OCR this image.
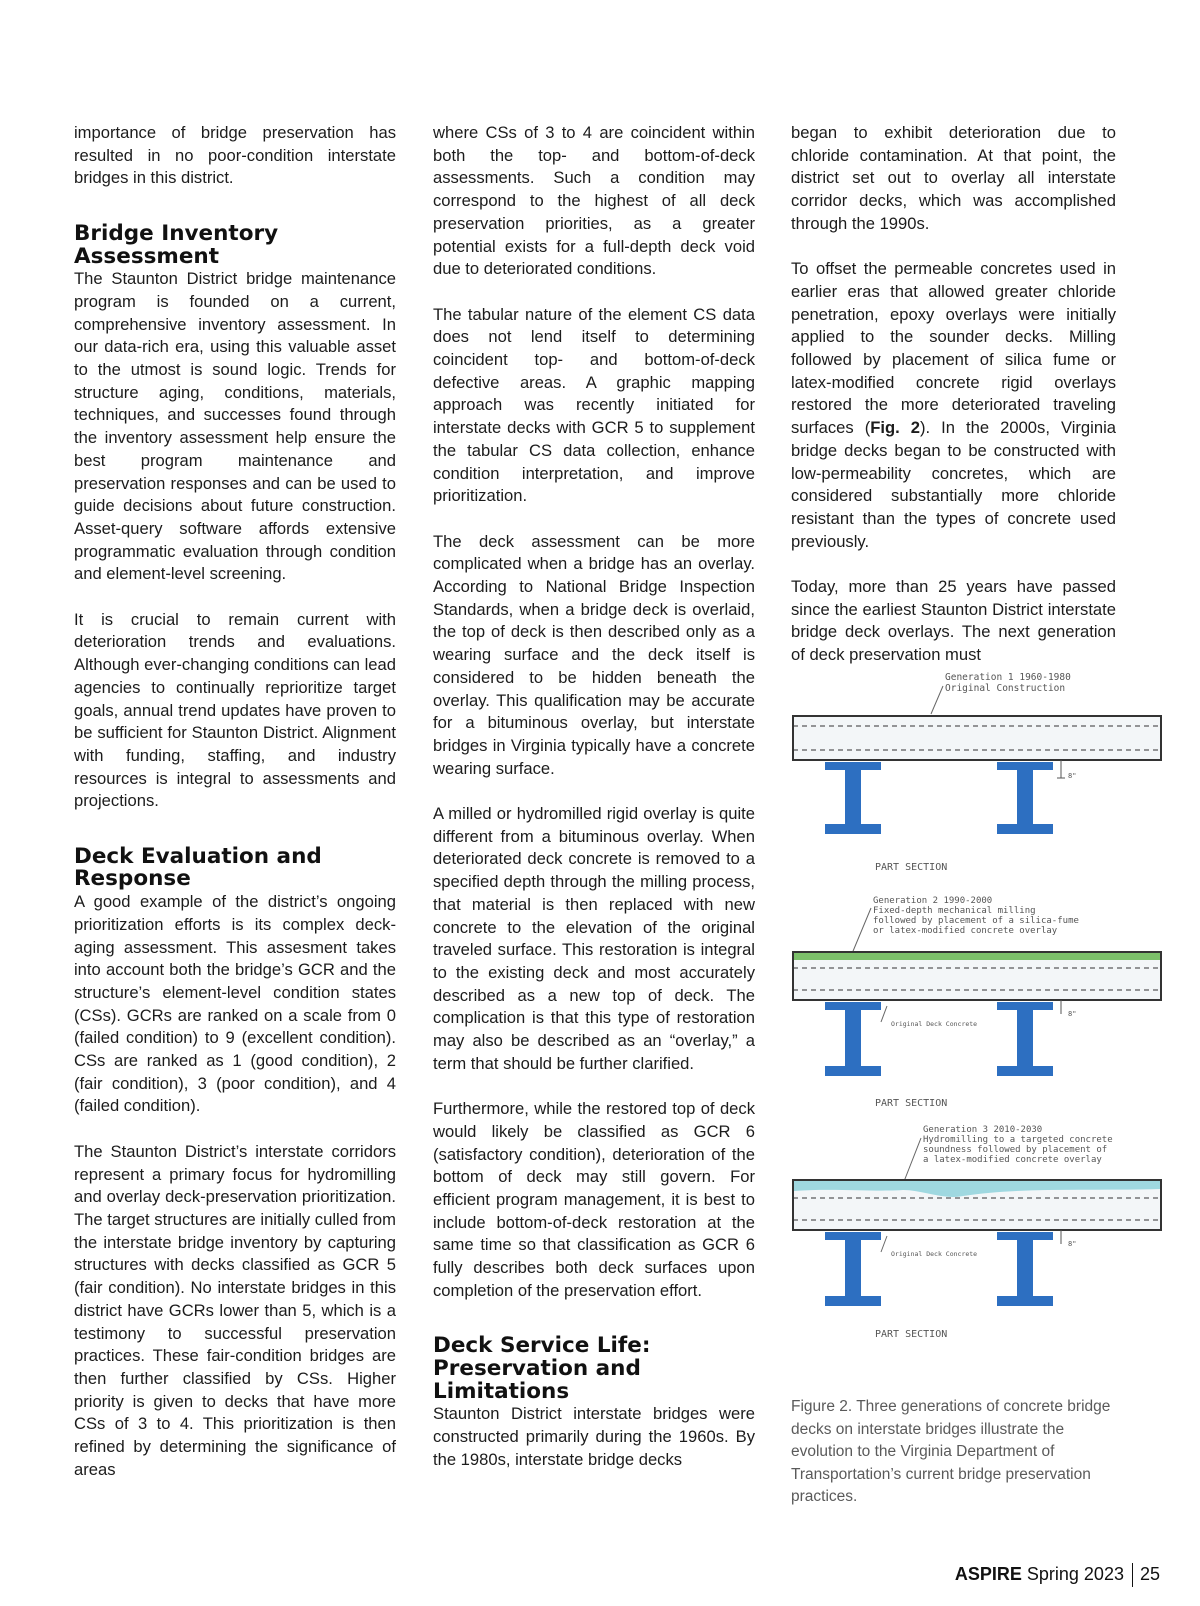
importance of bridge preservation has resulted in no poor-condition interstate bridges in this district.

Bridge Inventory Assessment

The Staunton District bridge maintenance program is founded on a current, comprehensive inventory assessment. In our data-rich era, using this valuable asset to the utmost is sound logic. Trends for structure aging, conditions, materials, techniques, and successes found through the inventory assessment help ensure the best program maintenance and preservation responses and can be used to guide decisions about future construction. Asset-query software affords extensive programmatic evaluation through condition and element-level screening.

It is crucial to remain current with deterioration trends and evaluations. Although ever-changing conditions can lead agencies to continually reprioritize target goals, annual trend updates have proven to be sufficient for Staunton District. Alignment with funding, staffing, and industry resources is integral to assessments and projections.

Deck Evaluation and Response

A good example of the district’s ongoing prioritization efforts is its complex deck-aging assessment. This assesment takes into account both the bridge’s GCR and the structure’s element-level condition states (CSs). GCRs are ranked on a scale from 0 (failed condition) to 9 (excellent condition). CSs are ranked as 1 (good condition), 2 (fair condition), 3 (poor condition), and 4 (failed condition).

The Staunton District’s interstate corridors represent a primary focus for hydromilling and overlay deck-preservation prioritization. The target structures are initially culled from the interstate bridge inventory by capturing structures with decks classified as GCR 5 (fair condition). No interstate bridges in this district have GCRs lower than 5, which is a testimony to successful preservation practices. These fair-condition bridges are then further classified by CSs. Higher priority is given to decks that have more CSs of 3 to 4. This prioritization is then refined by determining the significance of areas

where CSs of 3 to 4 are coincident within both the top- and bottom-of-deck assessments. Such a condition may correspond to the highest of all deck preservation priorities, as a greater potential exists for a full-depth deck void due to deteriorated conditions.

The tabular nature of the element CS data does not lend itself to determining coincident top- and bottom-of-deck defective areas. A graphic mapping approach was recently initiated for interstate decks with GCR 5 to supplement the tabular CS data collection, enhance condition interpretation, and improve prioritization.

The deck assessment can be more complicated when a bridge has an overlay. According to National Bridge Inspection Standards, when a bridge deck is overlaid, the top of deck is then described only as a wearing surface and the deck itself is considered to be hidden beneath the overlay. This qualification may be accurate for a bituminous overlay, but interstate bridges in Virginia typically have a concrete wearing surface.

A milled or hydromilled rigid overlay is quite different from a bituminous overlay. When deteriorated deck concrete is removed to a specified depth through the milling process, that material is then replaced with new concrete to the elevation of the original traveled surface. This restoration is integral to the existing deck and most accurately described as a new top of deck. The complication is that this type of restoration may also be described as an “overlay,” a term that should be further clarified.

Furthermore, while the restored top of deck would likely be classified as GCR 6 (satisfactory condition), deterioration of the bottom of deck may still govern. For efficient program management, it is best to include bottom-of-deck restoration at the same time so that classification as GCR 6 fully describes both deck surfaces upon completion of the preservation effort.

Deck Service Life: Preservation and Limitations

Staunton District interstate bridges were constructed primarily during the 1960s. By the 1980s, interstate bridge decks

began to exhibit deterioration due to chloride contamination. At that point, the district set out to overlay all interstate corridor decks, which was accomplished through the 1990s.

To offset the permeable concretes used in earlier eras that allowed greater chloride penetration, epoxy overlays were initially applied to the sounder decks. Milling followed by placement of silica fume or latex-modified concrete rigid overlays restored the more deteriorated traveling surfaces (Fig. 2). In the 2000s, Virginia bridge decks began to be constructed with low-permeability concretes, which are considered substantially more chloride resistant than the types of concrete used previously.

Today, more than 25 years have passed since the earliest Staunton District interstate bridge deck overlays. The next generation of deck preservation must

Generation 1 1960-1980
Original Construction
8"
PART SECTION
Generation 2 1990-2000
Fixed-depth mechanical milling
followed by placement of a silica-fume
or latex-modified concrete overlay
8"
Original Deck Concrete
PART SECTION
Generation 3 2010-2030
Hydromilling to a targeted concrete
soundness followed by placement of
a latex-modified concrete overlay
8"
Original Deck Concrete
PART SECTION

Figure 2. Three generations of concrete bridge decks on interstate bridges illustrate the evolution to the Virginia Department of Transportation’s current bridge preservation practices.

ASPIRE Spring 2023 25
